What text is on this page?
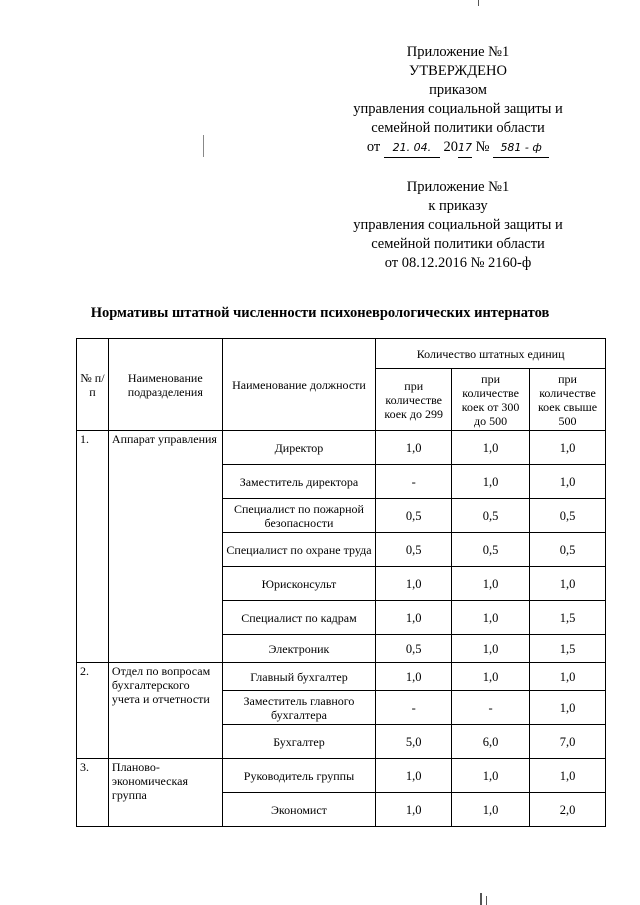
Приложение №1
УТВЕРЖДЕНО
приказом
управления социальной защиты и
семейной политики области
от 21. 04. 2017 № 581 - ф
Приложение №1
к приказу
управления социальной защиты и
семейной политики области
от 08.12.2016 № 2160-ф
Нормативы штатной численности психоневрологических интернатов
№ п/п	Наименование подразделения	Наименование должности	Количество штатных единиц		
			при количестве коек до 299	при количестве коек от 300 до 500	при количестве коек свыше 500
1.	Аппарат управления	Директор	1,0	1,0	1,0
		Заместитель директора	-	1,0	1,0
		Специалист по пожарной безопасности	0,5	0,5	0,5
		Специалист по охране труда	0,5	0,5	0,5
		Юрисконсульт	1,0	1,0	1,0
		Специалист по кадрам	1,0	1,0	1,5
		Электроник	0,5	1,0	1,5
2.	Отдел по вопросам бухгалтерского учета и отчетности	Главный бухгалтер	1,0	1,0	1,0
		Заместитель главного бухгалтера	-	-	1,0
		Бухгалтер	5,0	6,0	7,0
3.	Планово-экономическая группа	Руководитель группы	1,0	1,0	1,0
		Экономист	1,0	1,0	2,0
